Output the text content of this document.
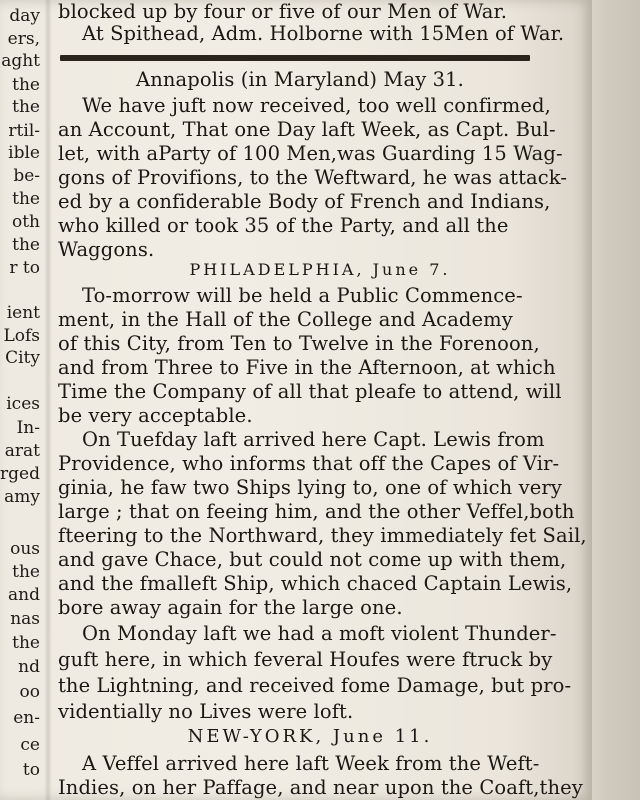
day
ers,
aght
the
the
rtil-
ible
be-
the
oth
the
r to
ient
Lofs
City
ices
In-
arat
rged
amy
ous
the
and
nas
the
nd
oo
en-
ce
to
blocked up by four or five of our Men of War.
At Spithead, Adm. Holborne with 15Men of War.
Annapolis (in Maryland) May 31.
We have juft now received, too well confirmed,
an Account, That one Day laft Week, as Capt. Bul-
let, with aParty of 100 Men,was Guarding 15 Wag-
gons of Provifions, to the Weftward, he was attack-
ed by a confiderable Body of French and Indians,
who killed or took 35 of the Party, and all the
Waggons.
PHILADELPHIA, June 7.
To-morrow will be held a Public Commence-
ment, in the Hall of the College and Academy
of this City, from Ten to Twelve in the Forenoon,
and from Three to Five in the Afternoon, at which
Time the Company of all that pleafe to attend, will
be very acceptable.
On Tuefday laft arrived here Capt. Lewis from
Providence, who informs that off the Capes of Vir-
ginia, he faw two Ships lying to, one of which very
large ; that on feeing him, and the other Veffel,both
fteering to the Northward, they immediately fet Sail,
and gave Chace, but could not come up with them,
and the fmalleft Ship, which chaced Captain Lewis,
bore away again for the large one.
On Monday laft we had a moft violent Thunder-
guft here, in which feveral Houfes were ftruck by
the Lightning, and received fome Damage, but pro-
videntially no Lives were loft.
NEW-YORK, June 11.
A Veffel arrived here laft Week from the Weft-
Indies, on her Paffage, and near upon the Coaft,they
